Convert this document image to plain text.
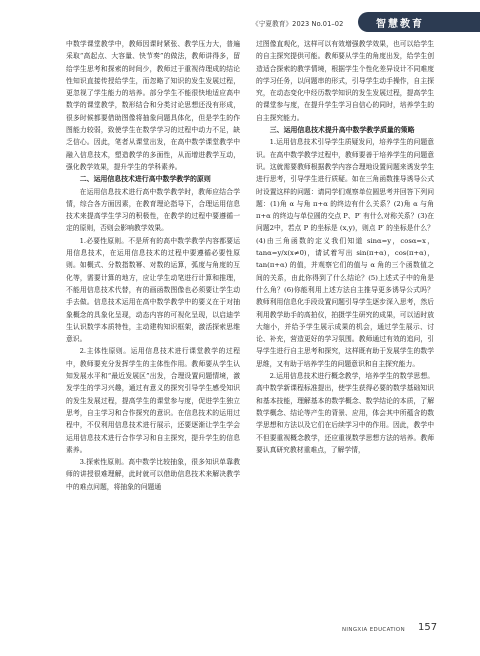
《宁夏教育》2023 No.01–02	智慧教育

中数学课堂教学中，教师因课时紧张、教学压力大，普遍采取“高起点、大容量、快节奏”的做法，教师讲得多，留给学生思考和探索的时间少，教师过于重视待理成的结论性知识直接传授给学生，而忽略了知识的发生发展过程，更忽视了学生能力的培养。部分学生不能很快地适应高中数学的课堂教学，数形结合和分类讨论思想还没有形成，很多时候都要借助图像将抽象问题具体化，但是学生的作图能力较弱，致使学生在数学学习的过程中动力不足，缺乏信心。因此，笔者从课堂出发，在高中数学课堂教学中融入信息技术，塑造教学的多面性，从而增进教学互动，强化教学效果，提升学生的学科素养。

二、运用信息技术进行高中数学教学的原则

在运用信息技术进行高中数学教学时，教师应结合学情，综合各方面因素，在教育理论指导下，合理运用信息技术来提高学生学习的积极性，在教学的过程中要遵循一定的原则，否则会影响教学效果。

1.必要性原则。不是所有的高中数学教学内容都要运用信息技术，在运用信息技术的过程中要遵循必要性原则。如概式、分数指数幂、对数的运算，弧度与角度的互化等，需要计算的地方，应让学生动笔进行计算和推理，不能用信息技术代替，有的画函数图像也必须要让学生动手去做。信息技术运用在高中数学教学中的要义在于对抽象概念的具象化呈现，动态内容的可视化呈现，以启迪学生认识数学本质特性，主动建构知识框架，激活探索思维意识。

2.主体性原则。运用信息技术进行课堂教学的过程中，教师要充分发挥学生的主体性作用。教师要从学生认知发展水平和“最近发展区”出发，合理设置问题情境，激发学生的学习兴趣，通过有意义的探究引导学生感受知识的发生发展过程，提高学生的课堂参与度，促进学生独立思考，自主学习和合作探究的意识。在信息技术的运用过程中，不仅利用信息技术进行展示，还要逐渐让学生学会运用信息技术进行合作学习和自主探究，提升学生的信息素养。

3.探索性原则。高中数学比较抽象，很多知识单靠教师的讲授很难理解，此时就可以借助信息技术来解决教学中的难点问题，将抽象的问题通

过图像直观化，这样可以有效增强教学效果，也可以给学生的自主探究提供可能。教师要从学生的角度出发，给学生创造适合探索的教学情境，根据学生个性化差异设计不同难度的学习任务，以问题串的形式，引导学生动手操作，自主探究，在动态变化中经历数学知识的发生发展过程，提高学生的课堂参与度，在提升学生学习自信心的同时，培养学生的自主探究能力。

三、运用信息技术提升高中数学教学质量的策略

1.运用信息技术引导学生质疑发问，培养学生的问题意识。在高中数学教学过程中，教师要善于培养学生的问题意识。这就需要教师根据教学内容合理地设置问题来诱发学生进行思考，引导学生进行质疑。如在三角函数推导诱导公式时设置这样的问题：请同学们观察单位圆思考并回答下列问题：(1)角 α 与角 π+α 的终边有什么关系？(2)角 α 与角 π+α 的终边与单位圆的交点 P、P′ 有什么对称关系？(3)在问题2中，若点 P 的坐标是 (x,y)，则点 P′ 的坐标是什么？(4)由三角函数的定义我们知道 sinα=y，cosα=x，tanα=y/x(x≠0)，请试着写出 sin(π+α)，cos(π+α)，tan(π+α) 的值，并观察它们的值与 α 角的三个函数值之间的关系，由此你得到了什么结论？(5)上述式子中的角是什么角？(6)你能利用上述方法自主推导更多诱导公式吗？教师利用信息化手段设置问题引导学生逐步深入思考，然后利用教学助手的高拍仪，拍摄学生研究的成果，可以适时放大缩小，并给予学生展示成果的机会，通过学生展示、讨论、补充，营造更好的学习氛围。教师通过有效的追问，引导学生进行自主思考和探究，这样既有助于发展学生的数学思维，又有助于培养学生的问题意识和自主探究能力。

2.运用信息技术进行概念教学，培养学生的数学思想。高中数学新课程标准提出，使学生获得必要的数学基础知识和基本技能，理解基本的数学概念、数学结论的本质，了解数学概念、结论等产生的背景、应用，体会其中所蕴含的数学思想和方法以及它们在后续学习中的作用。因此，教学中不但要重视概念教学，还应重视数学思想方法的培养。教师要认真研究教材重难点，了解学情，

NINGXIA EDUCATION 157
